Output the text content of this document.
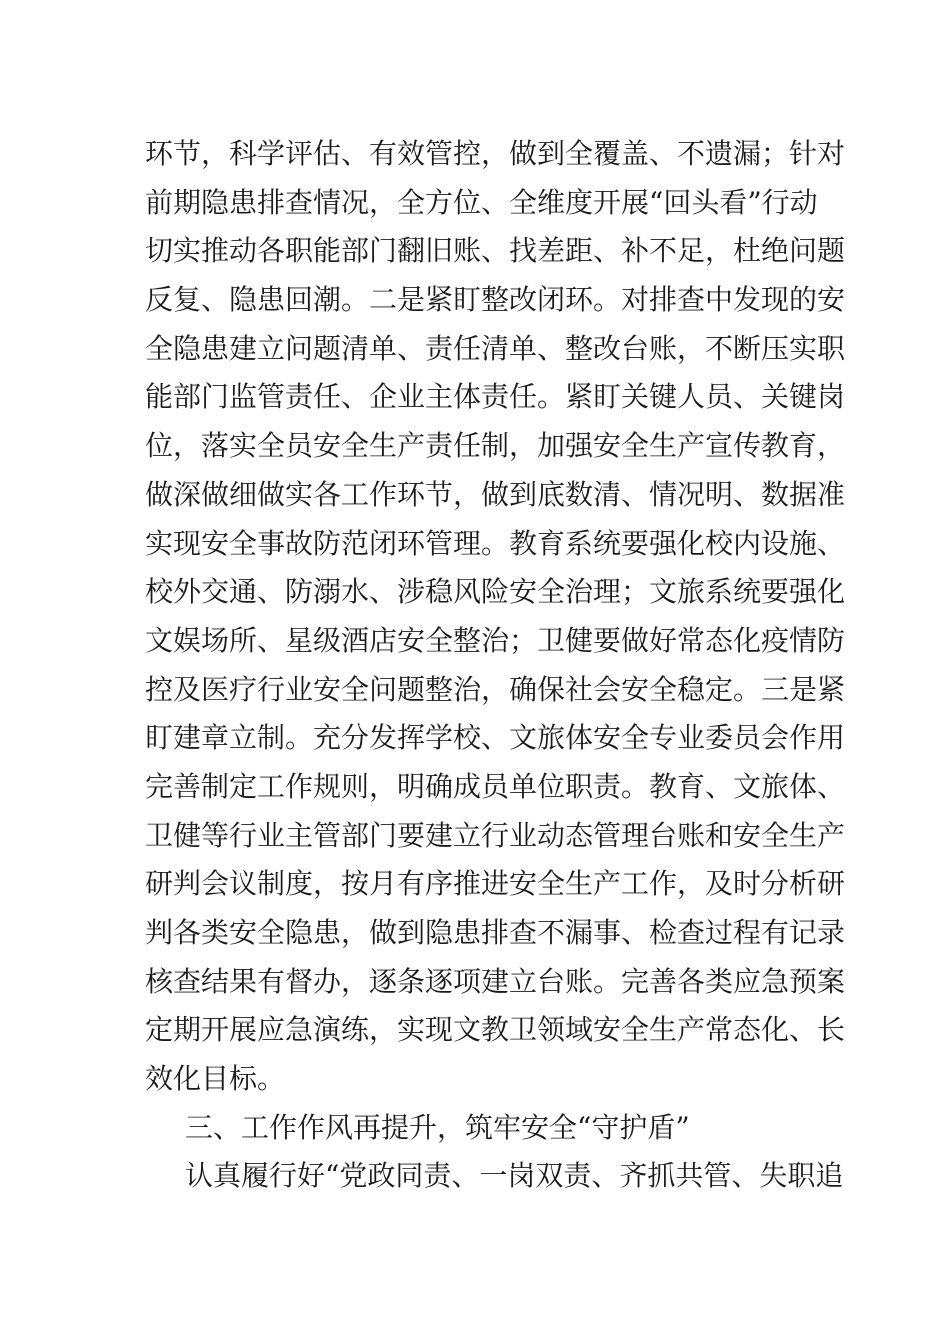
环节，科学评估、有效管控，做到全覆盖、不遗漏；针对
前期隐患排查情况，全方位、全维度开展“回头看”行动
切实推动各职能部门翻旧账、找差距、补不足，杜绝问题
反复、隐患回潮。二是紧盯整改闭环。对排查中发现的安
全隐患建立问题清单、责任清单、整改台账，不断压实职
能部门监管责任、企业主体责任。紧盯关键人员、关键岗
位，落实全员安全生产责任制，加强安全生产宣传教育，
做深做细做实各工作环节，做到底数清、情况明、数据准
实现安全事故防范闭环管理。教育系统要强化校内设施、
校外交通、防溺水、涉稳风险安全治理；文旅系统要强化
文娱场所、星级酒店安全整治；卫健要做好常态化疫情防
控及医疗行业安全问题整治，确保社会安全稳定。三是紧
盯建章立制。充分发挥学校、文旅体安全专业委员会作用
完善制定工作规则，明确成员单位职责。教育、文旅体、
卫健等行业主管部门要建立行业动态管理台账和安全生产
研判会议制度，按月有序推进安全生产工作，及时分析研
判各类安全隐患，做到隐患排查不漏事、检查过程有记录
核查结果有督办，逐条逐项建立台账。完善各类应急预案
定期开展应急演练，实现文教卫领域安全生产常态化、长
效化目标。
三、工作作风再提升，筑牢安全“守护盾”
认真履行好“党政同责、一岗双责、齐抓共管、失职追
